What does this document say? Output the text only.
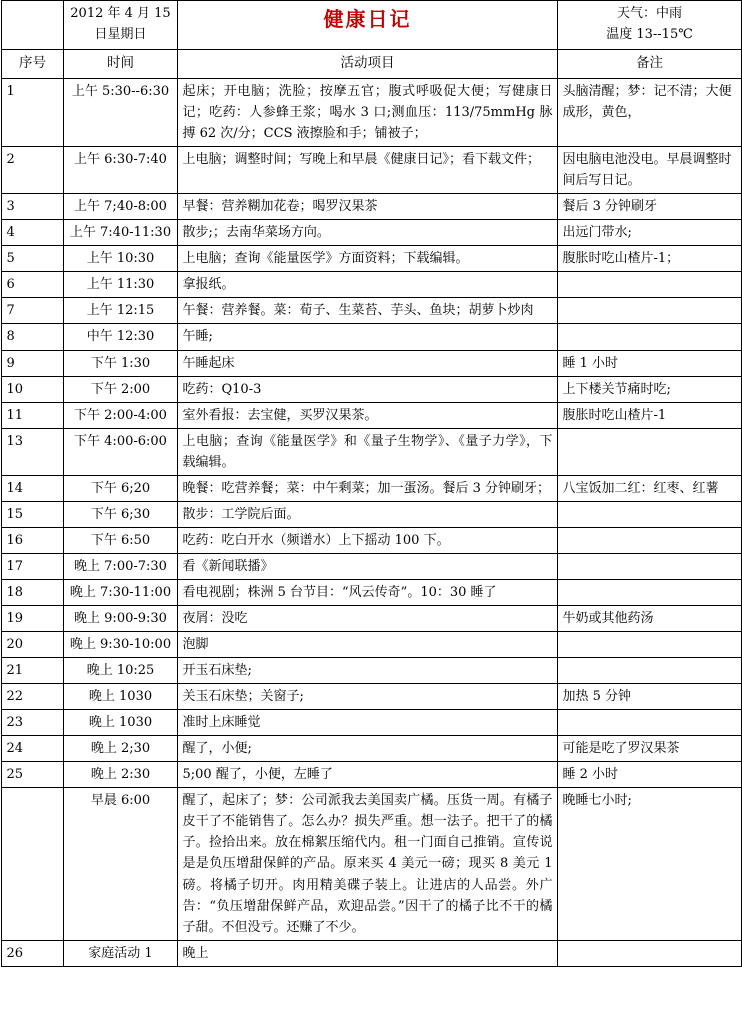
	2012 年 4 月 15 日星期日	健康日记	天气：中雨
温度 13--15℃

序号	时间	活动项目	备注
1	上午 5:30--6:30	起床；开电脑；洗脸；按摩五官；腹式呼吸促大便；写健康日记；吃药：人参蜂王浆；喝水 3 口;测血压：113/75mmHg 脉搏 62 次/分；CCS 液擦脸和手；铺被子；	头脑清醒；梦：记不清；大便成形，黄色，
2	上午 6:30-7:40	上电脑；调整时间；写晚上和早晨《健康日记》；看下载文件；	因电脑电池没电。早晨调整时间后写日记。
3	上午 7;40-8:00	早餐：营养糊加花卷；喝罗汉果茶	餐后 3 分钟刷牙
4	上午 7:40-11:30	散步;；去南华菜场方向。	出远门带水;
5	上午 10:30	上电脑；查询《能量医学》方面资料；下载编辑。	腹胀时吃山楂片-1；
6	上午 11:30	拿报纸。	
7	上午 12:15	午餐：营养餐。菜：荀子、生菜苔、芋头、鱼块；胡萝卜炒肉	
8	中午 12:30	午睡;	
9	下午 1:30	午睡起床	睡 1 小时
10	下午 2:00	吃药：Q10-3	上下楼关节痛时吃;
11	下午 2:00-4:00	室外看报：去宝健，买罗汉果茶。	腹胀时吃山楂片-1
13	下午 4:00-6:00	上电脑；查询《能量医学》和《量子生物学》、《量子力学》，下载编辑。	
14	下午 6;20	晚餐：吃营养餐；菜：中午剩菜；加一蛋汤。餐后 3 分钟刷牙；	八宝饭加二红：红枣、红薯
15	下午 6;30	散步：工学院后面。	
16	下午 6:50	吃药：吃白开水（频谱水）上下摇动 100 下。	
17	晚上 7:00-7:30	看《新闻联播》	
18	晚上 7:30-11:00	看电视剧；株洲 5 台节目：“风云传奇”。10：30 睡了	
19	晚上 9:00-9:30	夜屑：没吃	牛奶或其他药汤
20	晚上 9:30-10:00	泡脚	
21	晚上 10:25	开玉石床垫;	
22	晚上 1030	关玉石床垫；关窗子;	加热 5 分钟
23	晚上 1030	准时上床睡觉	
24	晚上 2;30	醒了，小便;	可能是吃了罗汉果茶
25	晚上 2:30	5;00 醒了，小便，左睡了	睡 2 小时
	早晨 6:00	醒了，起床了；梦：公司派我去美国卖广橘。压货一周。有橘子皮干了不能销售了。怎么办？损失严重。想一法子。把干了的橘子。捡拾出来。放在棉絮压缩代内。租一门面自己推销。宣传说是是负压增甜保鲜的产品。原来买 4 美元一磅；现买 8 美元 1 磅。将橘子切开。肉用精美碟子装上。让进店的人品尝。外广告：“负压增甜保鲜产品，欢迎品尝。”因干了的橘子比不干的橘子甜。不但没亏。还赚了不少。	晚睡七小时;
26	家庭活动 1	晚上	
